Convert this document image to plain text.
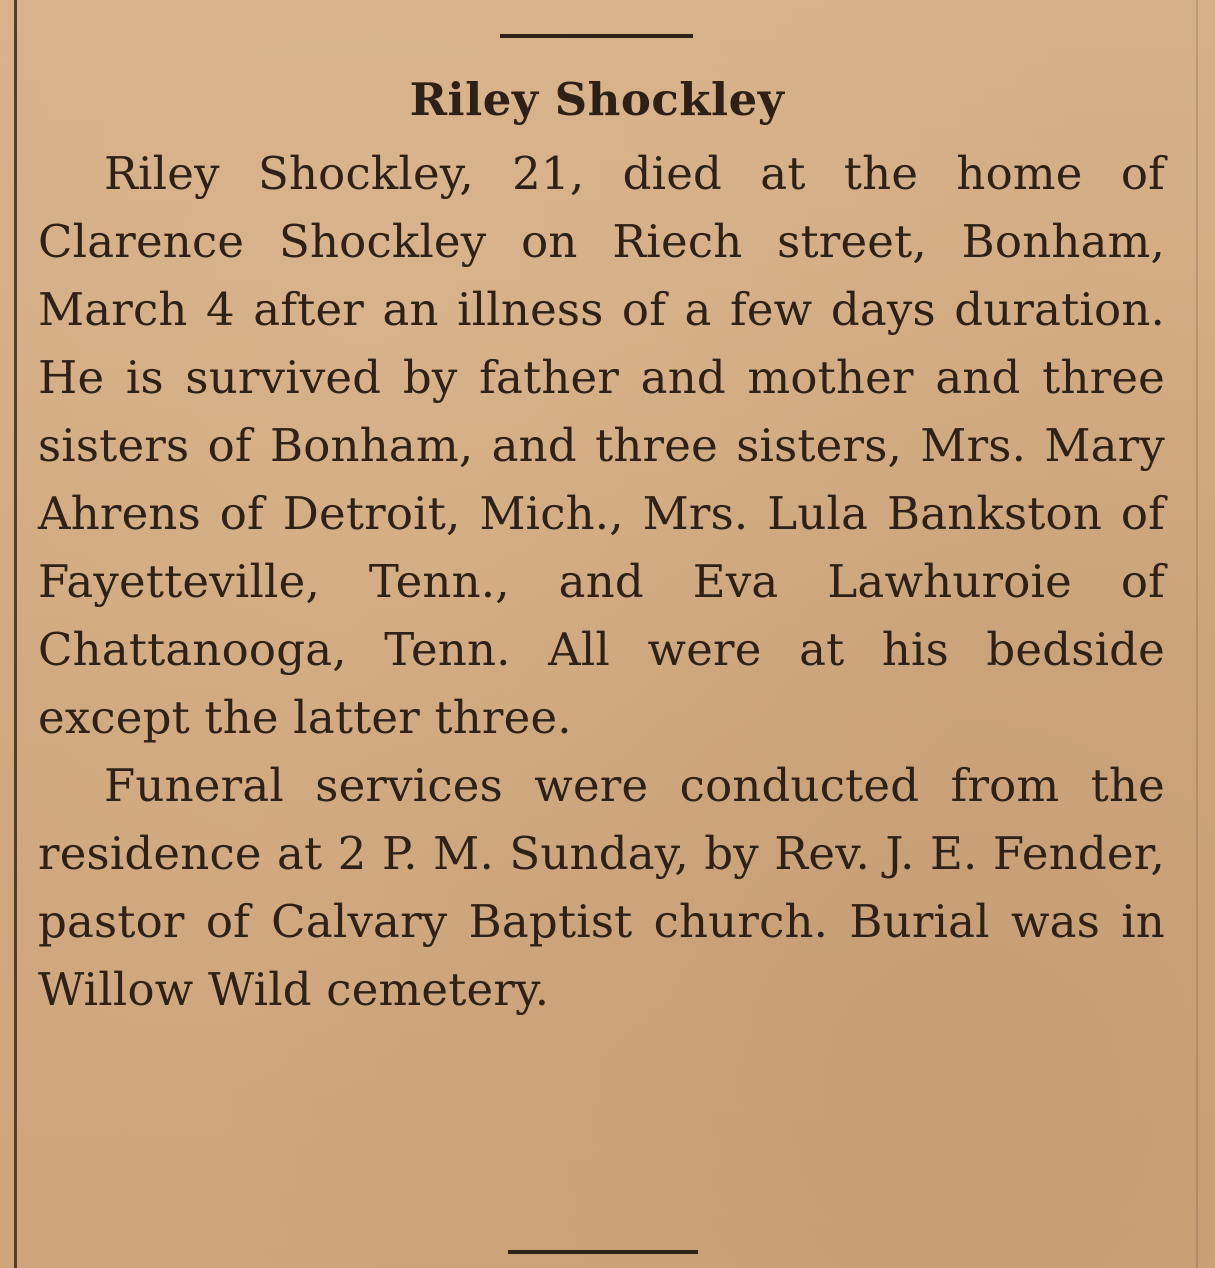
Riley Shockley

Riley Shockley, 21, died at the home of Clarence Shockley on Riech street, Bonham, March 4 after an illness of a few days duration. He is survived by father and mother and three sisters of Bonham, and three sisters, Mrs. Mary Ahrens of Detroit, Mich., Mrs. Lula Bankston of Fayetteville, Tenn., and Eva Lawhuroie of Chattanooga, Tenn. All were at his bedside except the latter three.

Funeral services were conducted from the residence at 2 P. M. Sunday, by Rev. J. E. Fender, pastor of Calvary Baptist church. Burial was in Willow Wild cemetery.
